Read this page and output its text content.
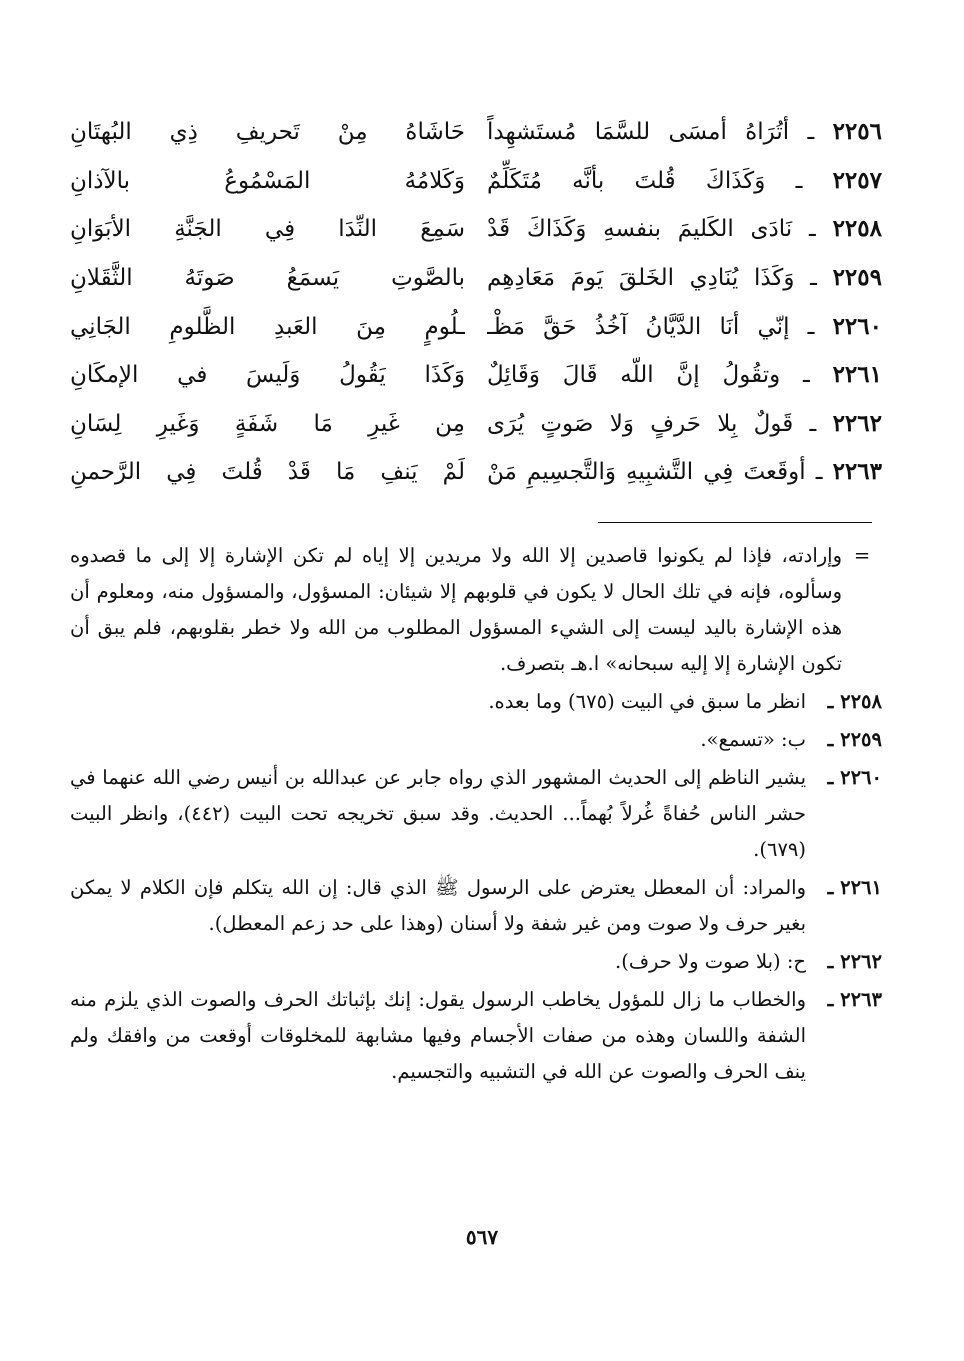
٢٢٥٦ ـ أتُرَاهُ أمسَى للسَّمَا مُستَشهِداً
حَاشَاهُ مِنْ تَحريفِ ذِي البُهتَانِ
٢٢٥٧ ـ وَكَذَاكَ قُلتَ بأنَّه مُتَكَلِّمٌ
وَكَلامُهُ المَسْمُوعُ بالآذانِ
٢٢٥٨ ـ نَادَى الكَليمَ بنفسهِ وَكَذَاكَ قَدْ
سَمِعَ النِّدَا فِي الجَنَّةِ الأبَوَانِ
٢٢٥٩ ـ وَكَذَا يُنَادِي الخَلقَ يَومَ مَعَادِهِم
بالصَّوتِ يَسمَعُ صَوتَهُ الثَّقَلانِ
٢٢٦٠ ـ إنّي أنَا الدَّيَّانُ آخُذُ حَقَّ مَظْـ
ـلُومٍ مِنَ العَبدِ الظَّلومِ الجَانِي
٢٢٦١ ـ وتقُولُ إنَّ اللّه قَالَ وَقَائِلٌ
وَكَذَا يَقُولُ وَلَيسَ في الإمكَانِ
٢٢٦٢ ـ قَولٌ بِلا حَرفٍ وَلا صَوتٍ يُرَى
مِن غَيرِ مَا شَفَةٍ وَغَيرِ لِسَانِ
٢٢٦٣ ـ أوقَعتَ فِي التَّشبِيهِ وَالتَّجسِيمِ مَنْ
لَمْ يَنفِ مَا قَدْ قُلتَ فِي الرَّحمنِ
=
وإرادته، فإذا لم يكونوا قاصدين إلا الله ولا مريدين إلا إياه لم تكن الإشارة إلا إلى ما قصدوه وسألوه، فإنه في تلك الحال لا يكون في قلوبهم إلا شيئان: المسؤول، والمسؤول منه، ومعلوم أن هذه الإشارة باليد ليست إلى الشيء المسؤول المطلوب من الله ولا خطر بقلوبهم، فلم يبق أن تكون الإشارة إلا إليه سبحانه» ا.هـ بتصرف.
٢٢٥٨ ـ
انظر ما سبق في البيت (٦٧٥) وما بعده.
٢٢٥٩ ـ
ب: «تسمع».
٢٢٦٠ ـ
يشير الناظم إلى الحديث المشهور الذي رواه جابر عن عبدالله بن أنيس رضي الله عنهما في حشر الناس حُفاةً غُرلاً بُهماً... الحديث. وقد سبق تخريجه تحت البيت (٤٤٢)، وانظر البيت (٦٧٩).
٢٢٦١ ـ
والمراد: أن المعطل يعترض على الرسول ﷺ الذي قال: إن الله يتكلم فإن الكلام لا يمكن بغير حرف ولا صوت ومن غير شفة ولا أسنان (وهذا على حد زعم المعطل).
٢٢٦٢ ـ
ح: (بلا صوت ولا حرف).
٢٢٦٣ ـ
والخطاب ما زال للمؤول يخاطب الرسول يقول: إنك بإثباتك الحرف والصوت الذي يلزم منه الشفة واللسان وهذه من صفات الأجسام وفيها مشابهة للمخلوقات أوقعت من وافقك ولم ينف الحرف والصوت عن الله في التشبيه والتجسيم.
٥٦٧
